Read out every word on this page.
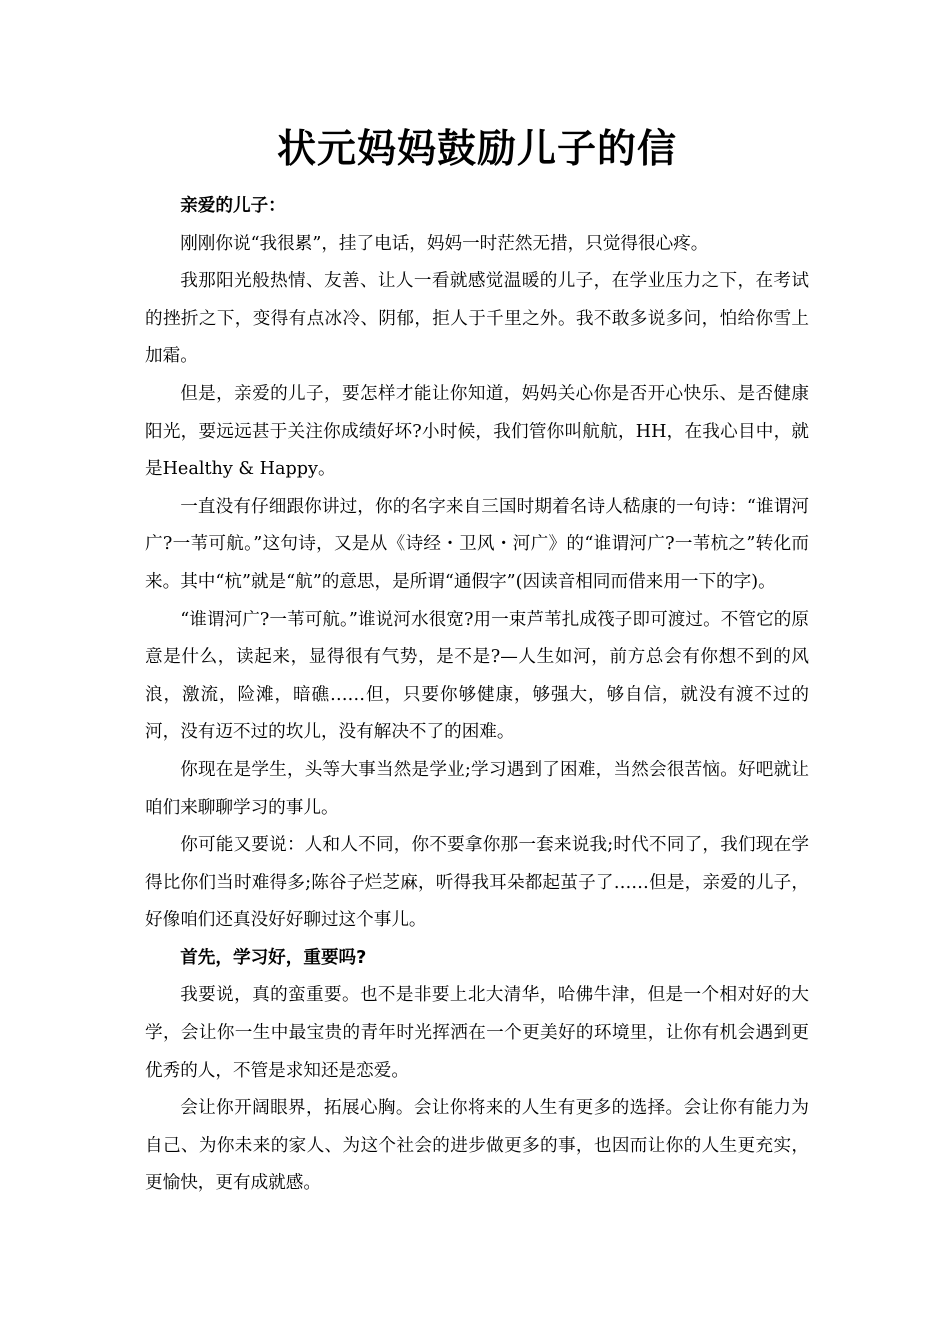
状元妈妈鼓励儿子的信

亲爱的儿子：

刚刚你说“我很累”，挂了电话，妈妈一时茫然无措，只觉得很心疼。

我那阳光般热情、友善、让人一看就感觉温暖的儿子，在学业压力之下，在考试的挫折之下，变得有点冰冷、阴郁，拒人于千里之外。我不敢多说多问，怕给你雪上加霜。

但是，亲爱的儿子，要怎样才能让你知道，妈妈关心你是否开心快乐、是否健康阳光，要远远甚于关注你成绩好坏?小时候，我们管你叫航航，HH，在我心目中，就是Healthy & Happy。

一直没有仔细跟你讲过，你的名字来自三国时期着名诗人嵇康的一句诗：“谁谓河广?一苇可航。”这句诗，又是从《诗经・卫风・河广》的“谁谓河广?一苇杭之”转化而来。其中“杭”就是“航”的意思，是所谓“通假字”(因读音相同而借来用一下的字)。

“谁谓河广?一苇可航。”谁说河水很宽?用一束芦苇扎成筏子即可渡过。不管它的原意是什么，读起来，显得很有气势，是不是?—人生如河，前方总会有你想不到的风浪，激流，险滩，暗礁……但，只要你够健康，够强大，够自信，就没有渡不过的河，没有迈不过的坎儿，没有解决不了的困难。

你现在是学生，头等大事当然是学业;学习遇到了困难，当然会很苦恼。好吧就让咱们来聊聊学习的事儿。

你可能又要说：人和人不同，你不要拿你那一套来说我;时代不同了，我们现在学得比你们当时难得多;陈谷子烂芝麻，听得我耳朵都起茧子了……但是，亲爱的儿子，好像咱们还真没好好聊过这个事儿。

首先，学习好，重要吗?

我要说，真的蛮重要。也不是非要上北大清华，哈佛牛津，但是一个相对好的大学，会让你一生中最宝贵的青年时光挥洒在一个更美好的环境里，让你有机会遇到更优秀的人，不管是求知还是恋爱。

会让你开阔眼界，拓展心胸。会让你将来的人生有更多的选择。会让你有能力为自己、为你未来的家人、为这个社会的进步做更多的事，也因而让你的人生更充实，更愉快，更有成就感。
